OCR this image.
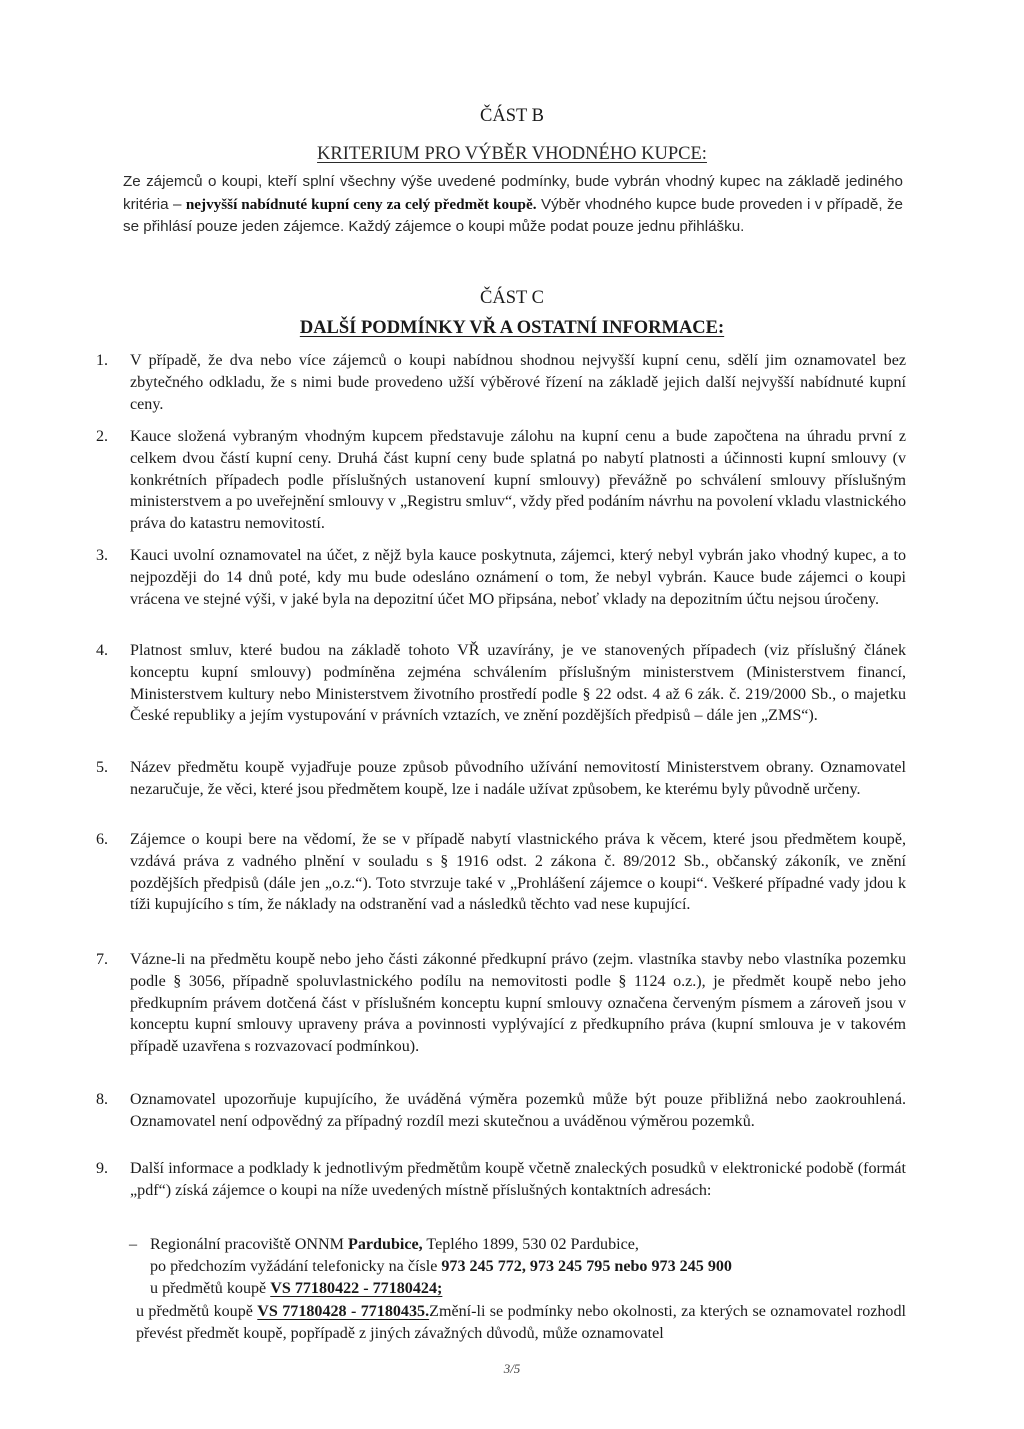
ČÁST B
KRITERIUM PRO VÝBĚR VHODNÉHO KUPCE:
Ze zájemců o koupi, kteří splní všechny výše uvedené podmínky, bude vybrán vhodný kupec na základě jediného kritéria – nejvyšší nabídnuté kupní ceny za celý předmět koupě. Výběr vhodného kupce bude proveden i v případě, že se přihlásí pouze jeden zájemce. Každý zájemce o koupi může podat pouze jednu přihlášku.
ČÁST C
DALŠÍ PODMÍNKY VŘ A OSTATNÍ INFORMACE:
1. V případě, že dva nebo více zájemců o koupi nabídnou shodnou nejvyšší kupní cenu, sdělí jim oznamovatel bez zbytečného odkladu, že s nimi bude provedeno užší výběrové řízení na základě jejich další nejvyšší nabídnuté kupní ceny.
2. Kauce složená vybraným vhodným kupcem představuje zálohu na kupní cenu a bude započtena na úhradu první z celkem dvou částí kupní ceny. Druhá část kupní ceny bude splatná po nabytí platnosti a účinnosti kupní smlouvy (v konkrétních případech podle příslušných ustanovení kupní smlouvy) převážně po schválení smlouvy příslušným ministerstvem a po uveřejnění smlouvy v „Registru smluv“, vždy před podáním návrhu na povolení vkladu vlastnického práva do katastru nemovitostí.
3. Kauci uvolní oznamovatel na účet, z nějž byla kauce poskytnuta, zájemci, který nebyl vybrán jako vhodný kupec, a to nejpozději do 14 dnů poté, kdy mu bude odesláno oznámení o tom, že nebyl vybrán. Kauce bude zájemci o koupi vrácena ve stejné výši, v jaké byla na depozitní účet MO připsána, neboť vklady na depozitním účtu nejsou úročeny.
4. Platnost smluv, které budou na základě tohoto VŘ uzavírány, je ve stanovených případech (viz příslušný článek konceptu kupní smlouvy) podmíněna zejména schválením příslušným ministerstvem (Ministerstvem financí, Ministerstvem kultury nebo Ministerstvem životního prostředí podle § 22 odst. 4 až 6 zák. č. 219/2000 Sb., o majetku České republiky a jejím vystupování v právních vztazích, ve znění pozdějších předpisů – dále jen „ZMS“).
5. Název předmětu koupě vyjadřuje pouze způsob původního užívání nemovitostí Ministerstvem obrany. Oznamovatel nezaručuje, že věci, které jsou předmětem koupě, lze i nadále užívat způsobem, ke kterému byly původně určeny.
6. Zájemce o koupi bere na vědomí, že se v případě nabytí vlastnického práva k věcem, které jsou předmětem koupě, vzdává práva z vadného plnění v souladu s § 1916 odst. 2 zákona č. 89/2012 Sb., občanský zákoník, ve znění pozdějších předpisů (dále jen „o.z.“). Toto stvrzuje také v „Prohlášení zájemce o koupi“. Veškeré případné vady jdou k tíži kupujícího s tím, že náklady na odstranění vad a následků těchto vad nese kupující.
7. Vázne-li na předmětu koupě nebo jeho části zákonné předkupní právo (zejm. vlastníka stavby nebo vlastníka pozemku podle § 3056, případně spoluvlastnického podílu na nemovitosti podle § 1124 o.z.), je předmět koupě nebo jeho předkupním právem dotčená část v příslušném konceptu kupní smlouvy označena červeným písmem a zároveň jsou v konceptu kupní smlouvy upraveny práva a povinnosti vyplývající z předkupního práva (kupní smlouva je v takovém případě uzavřena s rozvazovací podmínkou).
8. Oznamovatel upozorňuje kupujícího, že uváděná výměra pozemků může být pouze přibližná nebo zaokrouhlená. Oznamovatel není odpovědný za případný rozdíl mezi skutečnou a uváděnou výměrou pozemků.
9. Další informace a podklady k jednotlivým předmětům koupě včetně znaleckých posudků v elektronické podobě (formát „pdf“) získá zájemce o koupi na níže uvedených místně příslušných kontaktních adresách:
– Regionální pracoviště ONNM Pardubice, Teplého 1899, 530 02 Pardubice,
po předchozím vyžádání telefonicky na čísle 973 245 772, 973 245 795 nebo 973 245 900
u předmětů koupě VS 77180422 - 77180424;
u předmětů koupě VS 77180428 - 77180435.Změní-li se podmínky nebo okolnosti, za kterých se oznamovatel rozhodl převést předmět koupě, popřípadě z jiných závažných důvodů, může oznamovatel
3/5
